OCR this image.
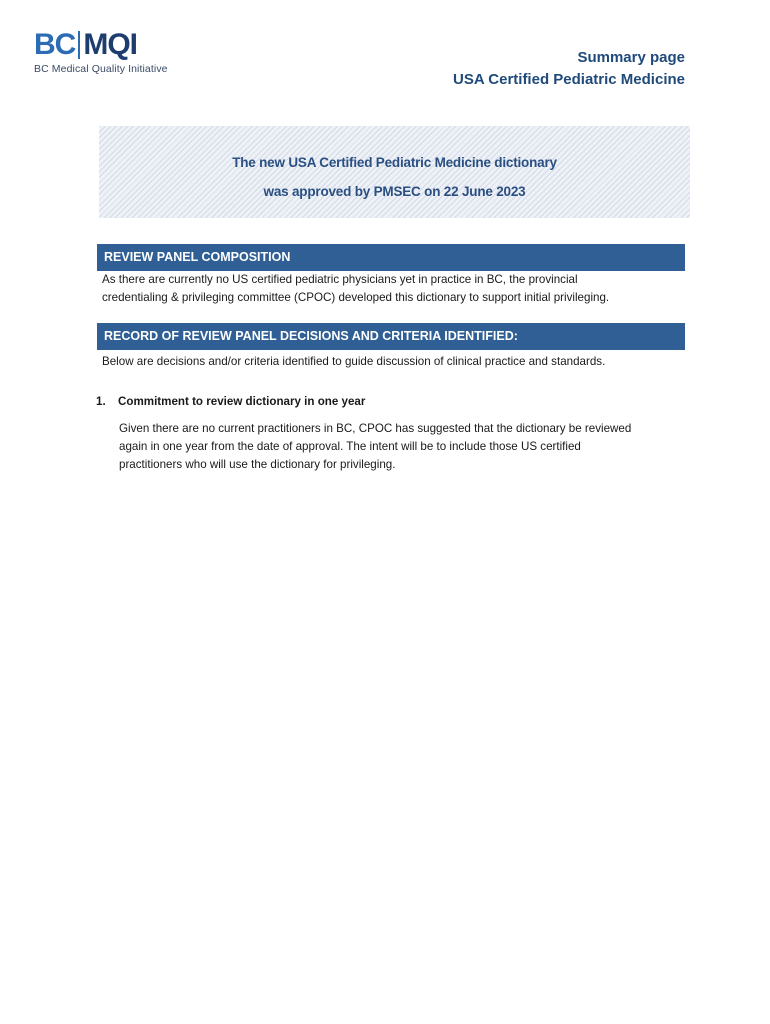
BC MQI
BC Medical Quality Initiative
Summary page
USA Certified Pediatric Medicine
The new USA Certified Pediatric Medicine dictionary
was approved by PMSEC on 22 June 2023
REVIEW PANEL COMPOSITION
As there are currently no US certified pediatric physicians yet in practice in BC, the provincial
credentialing & privileging committee (CPOC) developed this dictionary to support initial privileging.
RECORD OF REVIEW PANEL DECISIONS AND CRITERIA IDENTIFIED:
Below are decisions and/or criteria identified to guide discussion of clinical practice and standards.
1. Commitment to review dictionary in one year
Given there are no current practitioners in BC, CPOC has suggested that the dictionary be reviewed
again in one year from the date of approval. The intent will be to include those US certified
practitioners who will use the dictionary for privileging.
